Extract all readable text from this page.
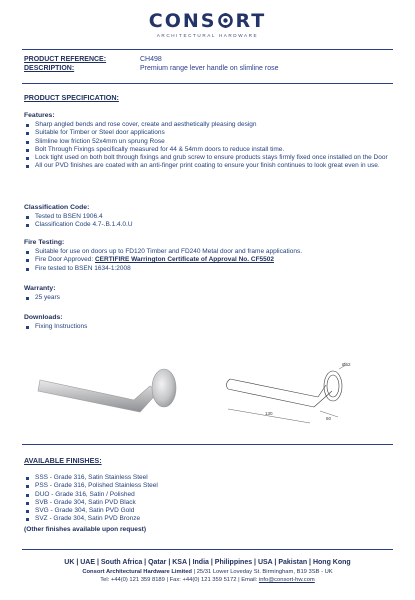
CONS RT
ARCHITECTURAL HARDWARE
PRODUCT REFERENCE:	CH498
DESCRIPTION:	Premium range lever handle on slimline rose
PRODUCT SPECIFICATION:
Features:
Sharp angled bends and rose cover, create and aesthetically pleasing design
Suitable for Timber or Steel door applications
Slimline low friction 52x4mm un sprung Rose
Bolt Through Fixings specifically measured for 44 & 54mm doors to reduce install time.
Lock tight used on both bolt through fixings and grub screw to ensure products stays firmly fixed once installed on the Door
All our PVD finishes are coated with an anti-finger print coating to ensure your finish continues to look great even in use.
Classification Code:
Tested to BSEN 1906.4
Classification Code 4.7-.B.1.4.0.U
Fire Testing:
Suitable for use on doors up to FD120 Timber and FD240 Metal door and frame applications.
Fire Door Approved: CERTIFIRE Warrington Certificate of Approval No. CF5502
Fire tested to BSEN 1634-1:2008
Warranty:
25 years
Downloads:
Fixing Instructions
130
60
Ø52
AVAILABLE FINISHES:
SSS - Grade 316, Satin Stainless Steel
PSS - Grade 316, Polished Stainless Steel
DUO - Grade 316, Satin / Polished
SVB - Grade 304, Satin PVD Black
SVG - Grade 304, Satin PVD Gold
SVZ - Grade 304, Satin PVD Bronze
(Other finishes available upon request)
UK | UAE | South Africa | Qatar | KSA | India | Philippines | USA | Pakistan | Hong Kong
Consort Architectural Hardware Limited | 25/31 Lower Loveday St. Birmingham, B19 3SB - UK
Tel: +44(0) 121 359 8189 | Fax: +44(0) 121 359 5172 | Email: info@consort-hw.com
